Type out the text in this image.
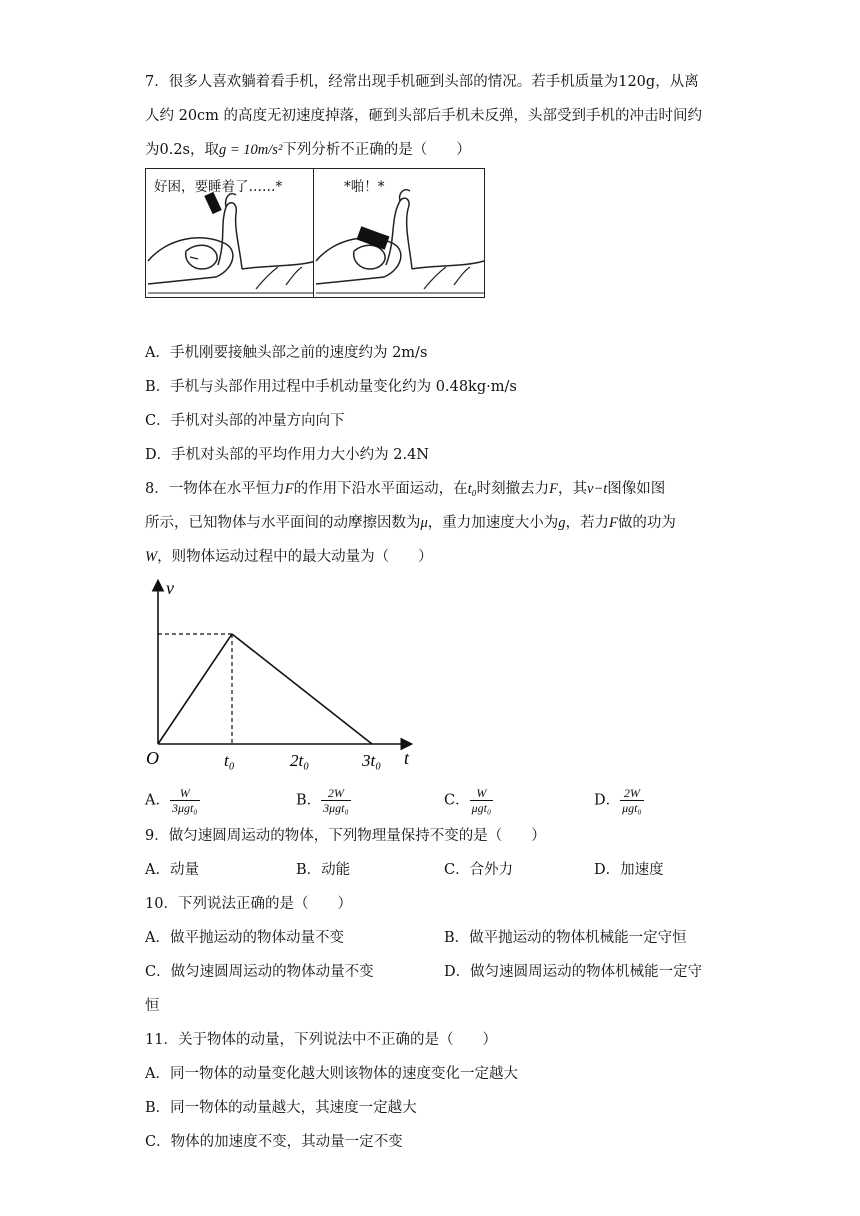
7．很多人喜欢躺着看手机，经常出现手机砸到头部的情况。若手机质量为120g，从离
人约 20cm 的高度无初速度掉落，砸到头部后手机未反弹，头部受到手机的冲击时间约
为0.2s，取g = 10m/s²下列分析不正确的是（　　）
好困，要睡着了……*	*啪！*
A．手机刚要接触头部之前的速度约为 2m/s
B．手机与头部作用过程中手机动量变化约为 0.48kg·m/s
C．手机对头部的冲量方向向下
D．手机对头部的平均作用力大小约为 2.4N
8．一物体在水平恒力F的作用下沿水平面运动，在t₀时刻撤去力F，其v−t图像如图
所示，已知物体与水平面间的动摩擦因数为μ，重力加速度大小为g，若力F做的功为
W，则物体运动过程中的最大动量为（　　）
v
t
O	t₀	2t₀	3t₀
A． $\frac{W}{\text{3μgt₀}}$	B． $\frac{2W}{\text{3μgt₀}}$	C． $\frac{W}{\text{μgt₀}}$	D． $\frac{2W}{\text{μgt₀}}$
9．做匀速圆周运动的物体，下列物理量保持不变的是（　　）
A．动量	B．动能	C．合外力	D．加速度
10．下列说法正确的是（　　）
A．做平抛运动的物体动量不变	B．做平抛运动的物体机械能一定守恒
C．做匀速圆周运动的物体动量不变	D．做匀速圆周运动的物体机械能一定守
恒
11．关于物体的动量，下列说法中不正确的是（　　）
A．同一物体的动量变化越大则该物体的速度变化一定越大
B．同一物体的动量越大，其速度一定越大
C．物体的加速度不变，其动量一定不变
